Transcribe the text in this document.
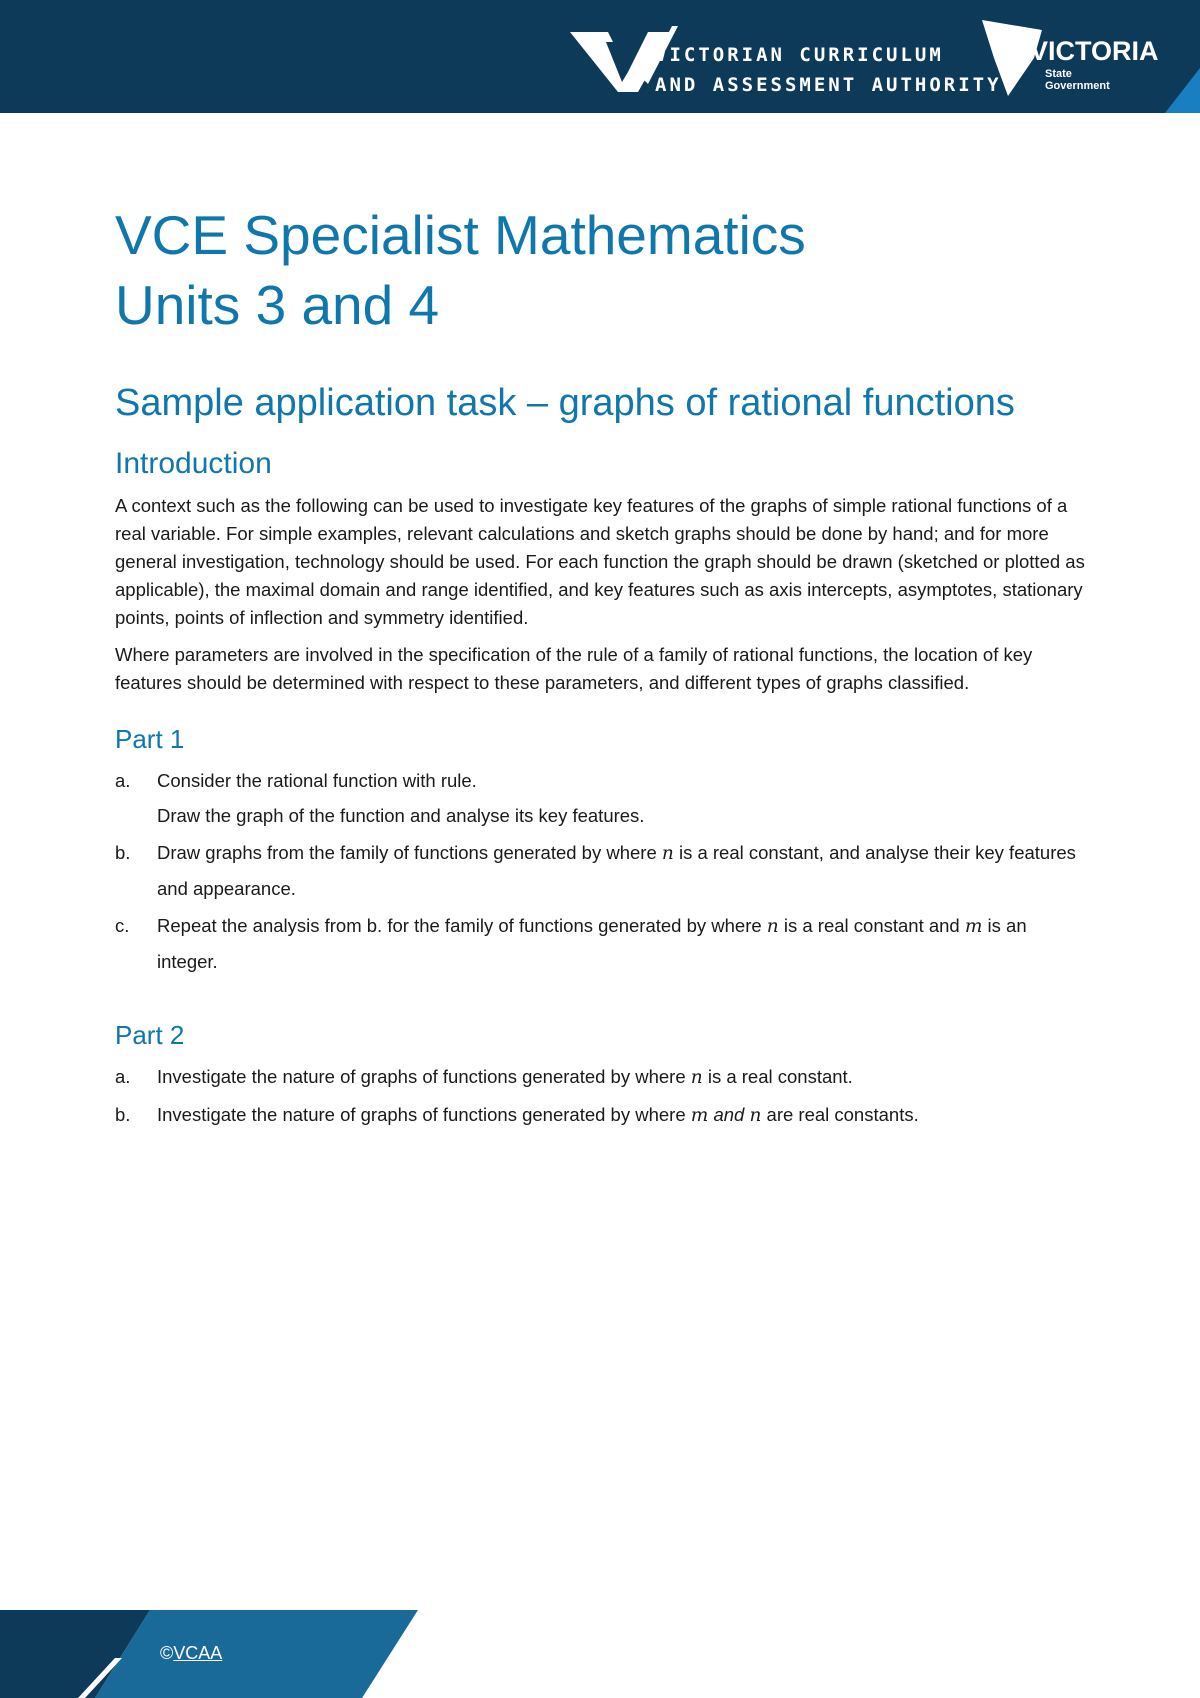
VICTORIAN CURRICULUM
AND ASSESSMENT AUTHORITY
VICTORIA
State
Government
VCE Specialist Mathematics
Units 3 and 4
Sample application task – graphs of rational functions
Introduction

A context such as the following can be used to investigate key features of the graphs of simple rational functions of a real variable. For simple examples, relevant calculations and sketch graphs should be done by hand; and for more general investigation, technology should be used. For each function the graph should be drawn (sketched or plotted as applicable), the maximal domain and range identified, and key features such as axis intercepts, asymptotes, stationary points, points of inflection and symmetry identified.

Where parameters are involved in the specification of the rule of a family of rational functions, the location of key features should be determined with respect to these parameters, and different types of graphs classified.

Part 1
a. Consider the rational function with rule.
Draw the graph of the function and analyse its key features.
b. Draw graphs from the family of functions generated by where n is a real constant, and analyse their key features and appearance.
c. Repeat the analysis from b. for the family of functions generated by where n is a real constant and m is an integer.
Part 2
a. Investigate the nature of graphs of functions generated by where n is a real constant.
b. Investigate the nature of graphs of functions generated by where m and n are real constants.
©VCAA
